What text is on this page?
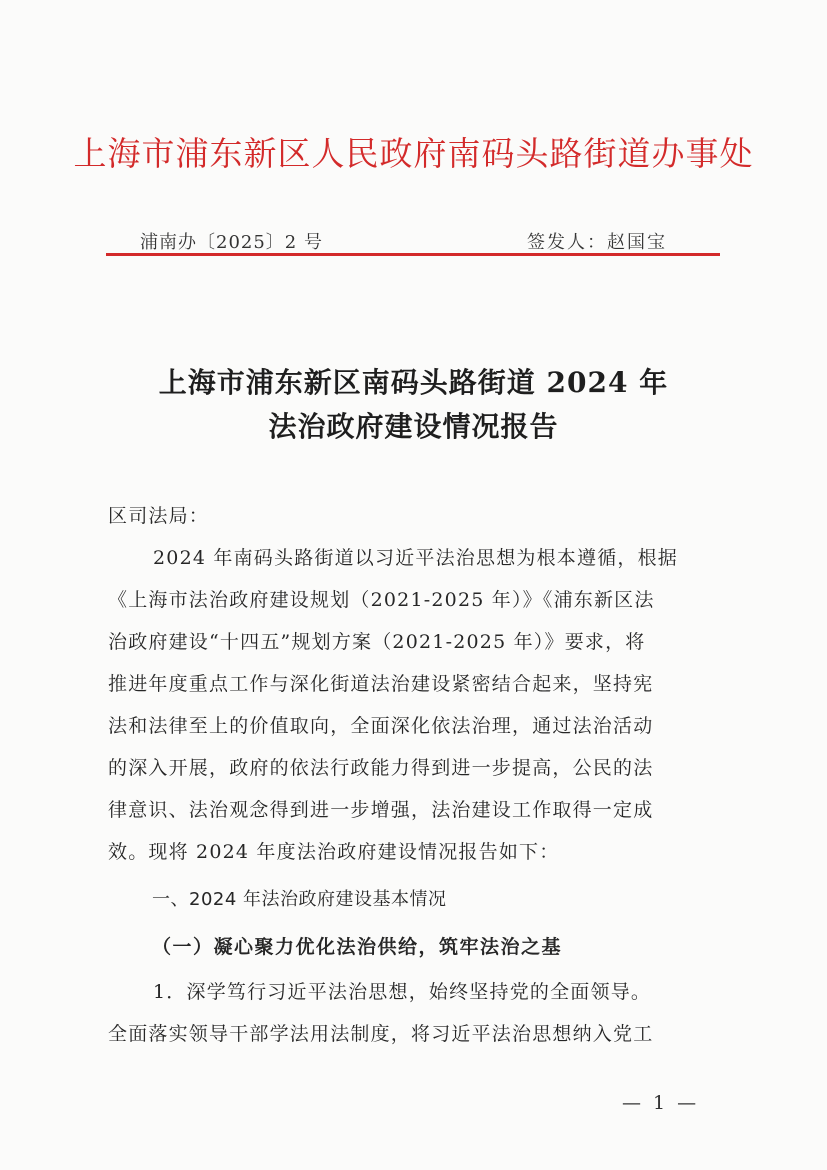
上海市浦东新区人民政府南码头路街道办事处
浦南办〔2025〕2 号	签发人：赵国宝
上海市浦东新区南码头路街道 2024 年
法治政府建设情况报告
区司法局：
2024 年南码头路街道以习近平法治思想为根本遵循，根据
《上海市法治政府建设规划（2021-2025 年）》《浦东新区法
治政府建设“十四五”规划方案（2021-2025 年）》要求，将
推进年度重点工作与深化街道法治建设紧密结合起来，坚持宪
法和法律至上的价值取向，全面深化依法治理，通过法治活动
的深入开展，政府的依法行政能力得到进一步提高，公民的法
律意识、法治观念得到进一步增强，法治建设工作取得一定成
效。现将 2024 年度法治政府建设情况报告如下：
一、2024 年法治政府建设基本情况
（一）凝心聚力优化法治供给，筑牢法治之基
1．深学笃行习近平法治思想，始终坚持党的全面领导。
全面落实领导干部学法用法制度，将习近平法治思想纳入党工
— 1 —
